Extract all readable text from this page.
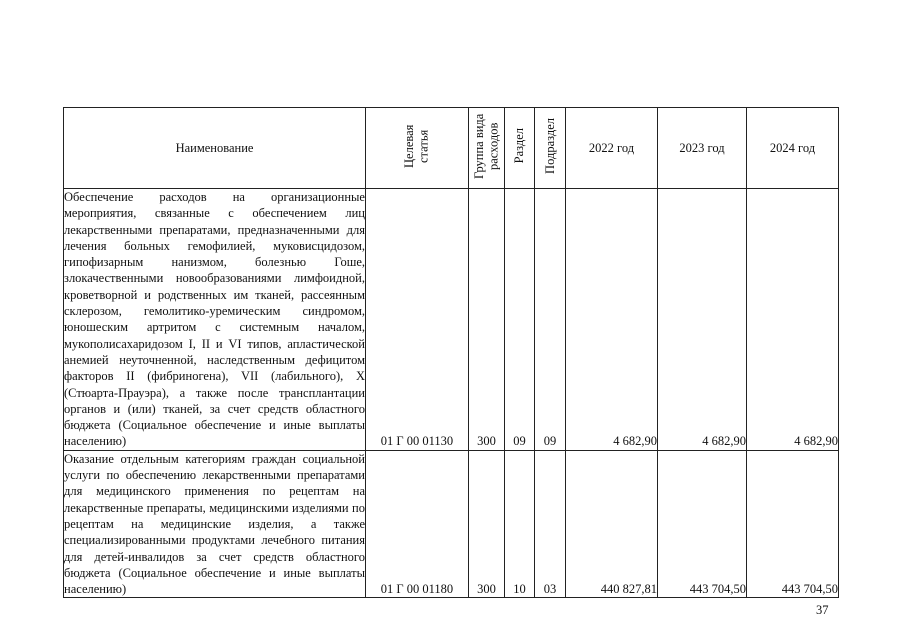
Наименование	Целевая статья	Группа вида расходов	Раздел	Подраздел	2022 год	2023 год	2024 год
Обеспечение расходов на организационные мероприятия, связанные с обеспечением лиц лекарственными препаратами, предназначенными для лечения больных гемофилией, муковисцидозом, гипофизарным нанизмом, болезнью Гоше, злокачественными новообразованиями лимфоидной, кроветворной и родственных им тканей, рассеянным склерозом, гемолитико-уремическим синдромом, юношеским артритом с системным началом, мукополисахаридозом I, II и VI типов, апластической анемией неуточненной, наследственным дефицитом факторов II (фибриногена), VII (лабильного), X (Стюарта-Прауэра), а также после трансплантации органов и (или) тканей, за счет средств областного бюджета (Социальное обеспечение и иные выплаты населению)	01 Г 00 01130	300	09	09	4 682,90	4 682,90	4 682,90
Оказание отдельным категориям граждан социальной услуги по обеспечению лекарственными препаратами для медицинского применения по рецептам на лекарственные препараты, медицинскими изделиями по рецептам на медицинские изделия, а также специализированными продуктами лечебного питания для детей-инвалидов за счет средств областного бюджета (Социальное обеспечение и иные выплаты населению)	01 Г 00 01180	300	10	03	440 827,81	443 704,50	443 704,50
37
